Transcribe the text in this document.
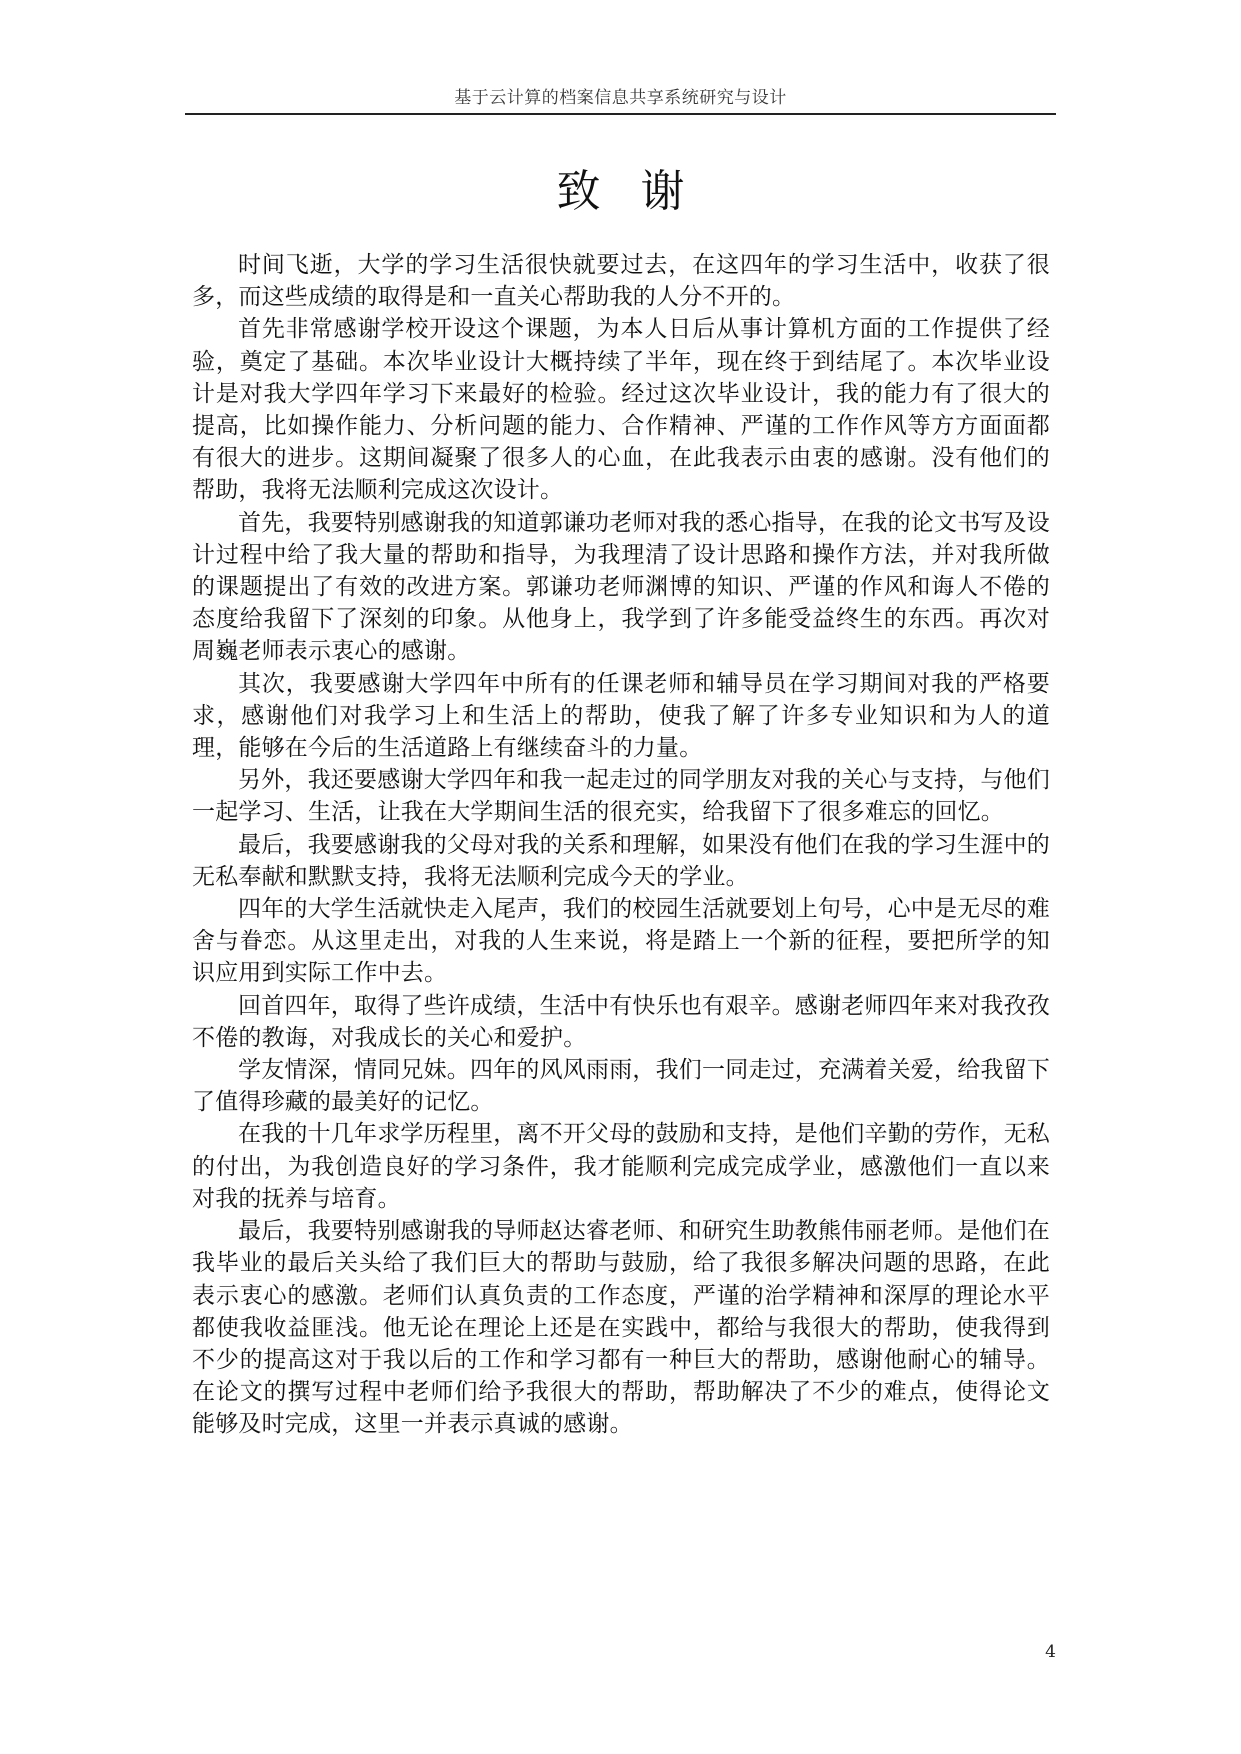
基于云计算的档案信息共享系统研究与设计
致谢

时间飞逝，大学的学习生活很快就要过去，在这四年的学习生活中，收获了很多，而这些成绩的取得是和一直关心帮助我的人分不开的。

首先非常感谢学校开设这个课题，为本人日后从事计算机方面的工作提供了经验，奠定了基础。本次毕业设计大概持续了半年，现在终于到结尾了。本次毕业设计是对我大学四年学习下来最好的检验。经过这次毕业设计，我的能力有了很大的提高，比如操作能力、分析问题的能力、合作精神、严谨的工作作风等方方面面都有很大的进步。这期间凝聚了很多人的心血，在此我表示由衷的感谢。没有他们的帮助，我将无法顺利完成这次设计。

首先，我要特别感谢我的知道郭谦功老师对我的悉心指导，在我的论文书写及设计过程中给了我大量的帮助和指导，为我理清了设计思路和操作方法，并对我所做的课题提出了有效的改进方案。郭谦功老师渊博的知识、严谨的作风和诲人不倦的态度给我留下了深刻的印象。从他身上，我学到了许多能受益终生的东西。再次对周巍老师表示衷心的感谢。

其次，我要感谢大学四年中所有的任课老师和辅导员在学习期间对我的严格要求，感谢他们对我学习上和生活上的帮助，使我了解了许多专业知识和为人的道理，能够在今后的生活道路上有继续奋斗的力量。

另外，我还要感谢大学四年和我一起走过的同学朋友对我的关心与支持，与他们一起学习、生活，让我在大学期间生活的很充实，给我留下了很多难忘的回忆。

最后，我要感谢我的父母对我的关系和理解，如果没有他们在我的学习生涯中的无私奉献和默默支持，我将无法顺利完成今天的学业。

四年的大学生活就快走入尾声，我们的校园生活就要划上句号，心中是无尽的难舍与眷恋。从这里走出，对我的人生来说，将是踏上一个新的征程，要把所学的知识应用到实际工作中去。

回首四年，取得了些许成绩，生活中有快乐也有艰辛。感谢老师四年来对我孜孜不倦的教诲，对我成长的关心和爱护。

学友情深，情同兄妹。四年的风风雨雨，我们一同走过，充满着关爱，给我留下了值得珍藏的最美好的记忆。

在我的十几年求学历程里，离不开父母的鼓励和支持，是他们辛勤的劳作，无私的付出，为我创造良好的学习条件，我才能顺利完成完成学业，感激他们一直以来对我的抚养与培育。

最后，我要特别感谢我的导师赵达睿老师、和研究生助教熊伟丽老师。是他们在我毕业的最后关头给了我们巨大的帮助与鼓励，给了我很多解决问题的思路，在此表示衷心的感激。老师们认真负责的工作态度，严谨的治学精神和深厚的理论水平都使我收益匪浅。他无论在理论上还是在实践中，都给与我很大的帮助，使我得到不少的提高这对于我以后的工作和学习都有一种巨大的帮助，感谢他耐心的辅导。在论文的撰写过程中老师们给予我很大的帮助，帮助解决了不少的难点，使得论文能够及时完成，这里一并表示真诚的感谢。

4
